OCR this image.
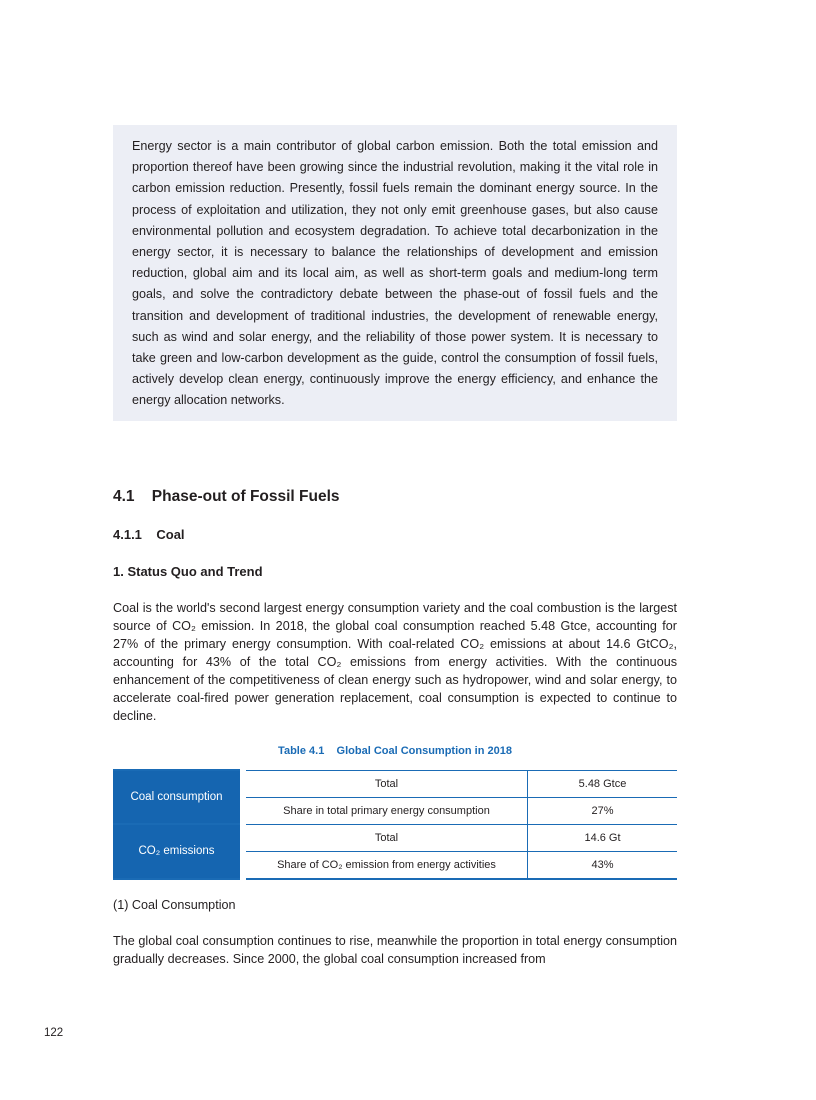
Energy sector is a main contributor of global carbon emission. Both the total emission and proportion thereof have been growing since the industrial revolution, making it the vital role in carbon emission reduction. Presently, fossil fuels remain the dominant energy source. In the process of exploitation and utilization, they not only emit greenhouse gases, but also cause environmental pollution and ecosystem degradation. To achieve total decarbonization in the energy sector, it is necessary to balance the relationships of development and emission reduction, global aim and its local aim, as well as short-term goals and medium-long term goals, and solve the contradictory debate between the phase-out of fossil fuels and the transition and development of traditional industries, the development of renewable energy, such as wind and solar energy, and the reliability of those power system. It is necessary to take green and low-carbon development as the guide, control the consumption of fossil fuels, actively develop clean energy, continuously improve the energy efficiency, and enhance the energy allocation networks.
4.1    Phase-out of Fossil Fuels
4.1.1    Coal
1. Status Quo and Trend
Coal is the world's second largest energy consumption variety and the coal combustion is the largest source of CO₂ emission. In 2018, the global coal consumption reached 5.48 Gtce, accounting for 27% of the primary energy consumption. With coal-related CO₂ emissions at about 14.6 GtCO₂, accounting for 43% of the total CO₂ emissions from energy activities. With the continuous enhancement of the competitiveness of clean energy such as hydropower, wind and solar energy, to accelerate coal-fired power generation replacement, coal consumption is expected to continue to decline.
Table 4.1    Global Coal Consumption in 2018
Coal consumption	Total	5.48 Gtce
	Share in total primary energy consumption	27%
CO₂ emissions	Total	14.6 Gt
	Share of CO₂ emission from energy activities	43%
(1) Coal Consumption
The global coal consumption continues to rise, meanwhile the proportion in total energy consumption gradually decreases. Since 2000, the global coal consumption increased from
122
